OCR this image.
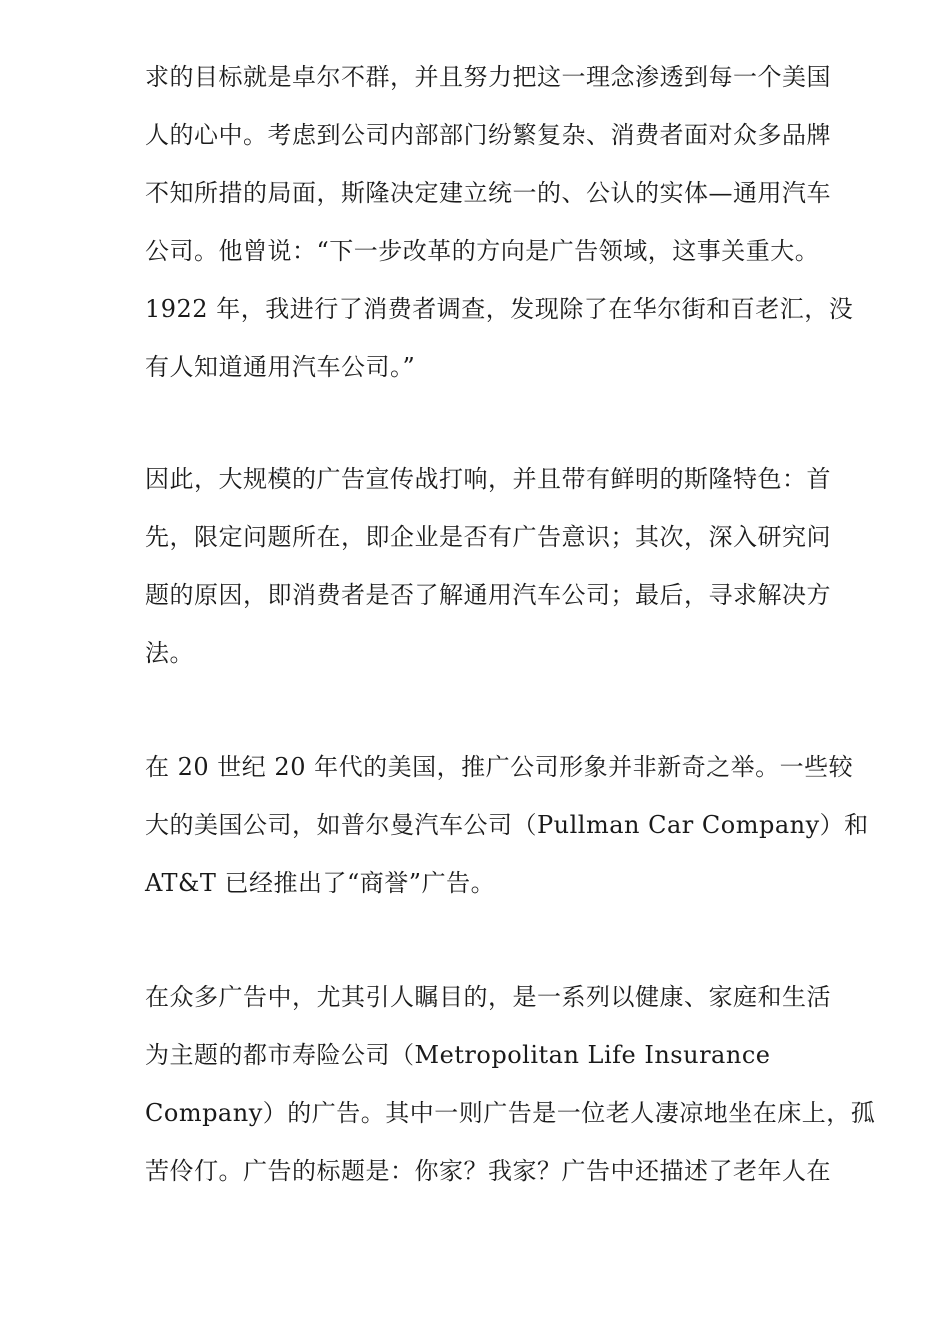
求的目标就是卓尔不群，并且努力把这一理念渗透到每一个美国
人的心中。考虑到公司内部部门纷繁复杂、消费者面对众多品牌
不知所措的局面，斯隆决定建立统一的、公认的实体—通用汽车
公司。他曾说：“下一步改革的方向是广告领域，这事关重大。
1922 年，我进行了消费者调查，发现除了在华尔街和百老汇，没
有人知道通用汽车公司。”
因此，大规模的广告宣传战打响，并且带有鲜明的斯隆特色：首
先，限定问题所在，即企业是否有广告意识；其次，深入研究问
题的原因，即消费者是否了解通用汽车公司；最后，寻求解决方
法。
在 20 世纪 20 年代的美国，推广公司形象并非新奇之举。一些较
大的美国公司，如普尔曼汽车公司（Pullman Car Company）和
AT&T 已经推出了“商誉”广告。
在众多广告中，尤其引人瞩目的，是一系列以健康、家庭和生活
为主题的都市寿险公司（Metropolitan Life Insurance
Company）的广告。其中一则广告是一位老人凄凉地坐在床上，孤
苦伶仃。广告的标题是：你家？我家？广告中还描述了老年人在
